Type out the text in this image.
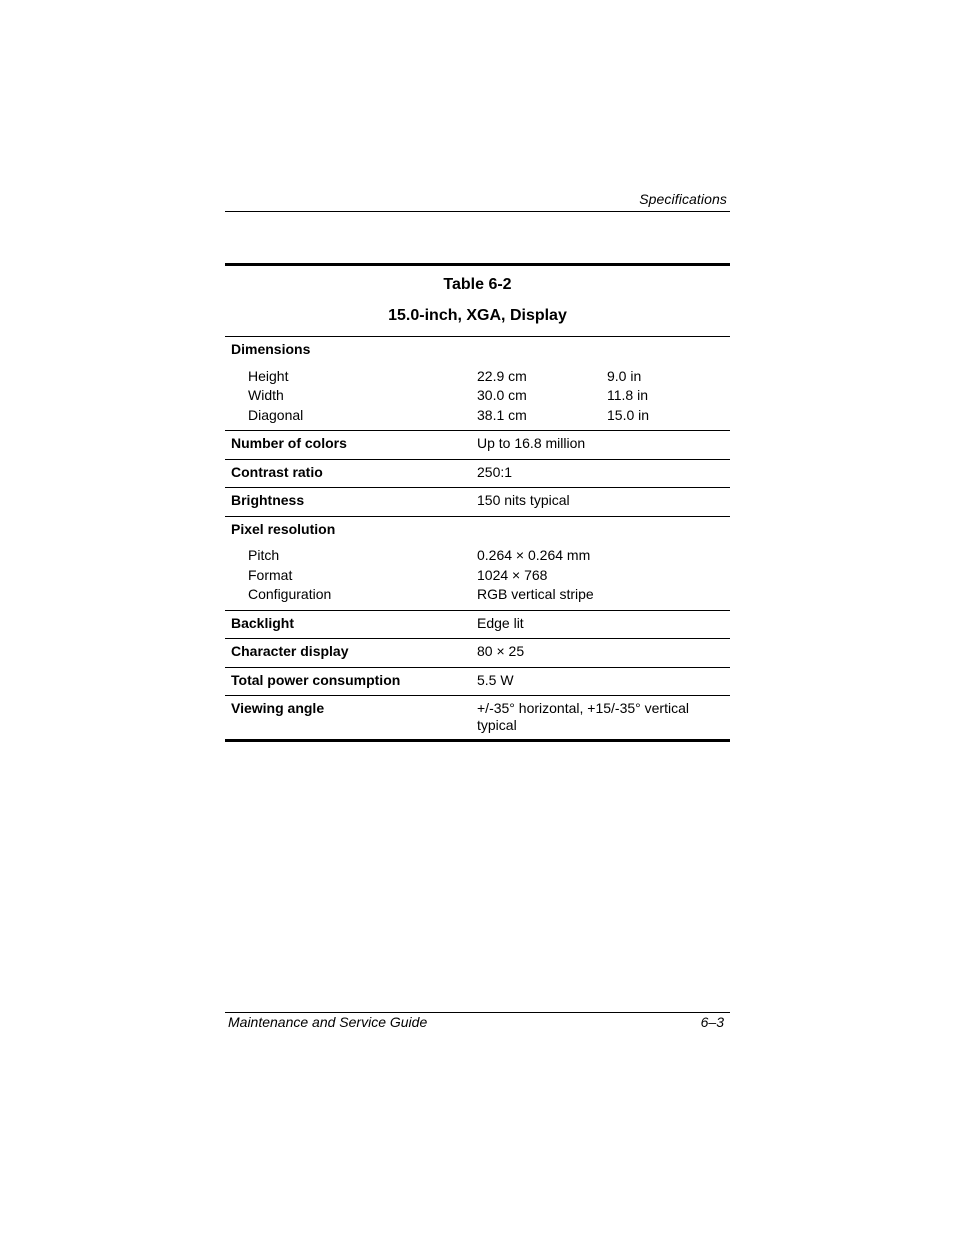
Specifications
Table 6-2
15.0-inch, XGA, Display
Dimensions
Height	22.9 cm	9.0 in
Width	30.0 cm	11.8 in
Diagonal	38.1 cm	15.0 in
Number of colors	Up to 16.8 million
Contrast ratio	250:1
Brightness	150 nits typical
Pixel resolution
Pitch	0.264 × 0.264 mm
Format	1024 × 768
Configuration	RGB vertical stripe
Backlight	Edge lit
Character display	80 × 25
Total power consumption	5.5 W
Viewing angle	+/-35° horizontal, +15/-35° vertical
typical
Maintenance and Service Guide	6–3
